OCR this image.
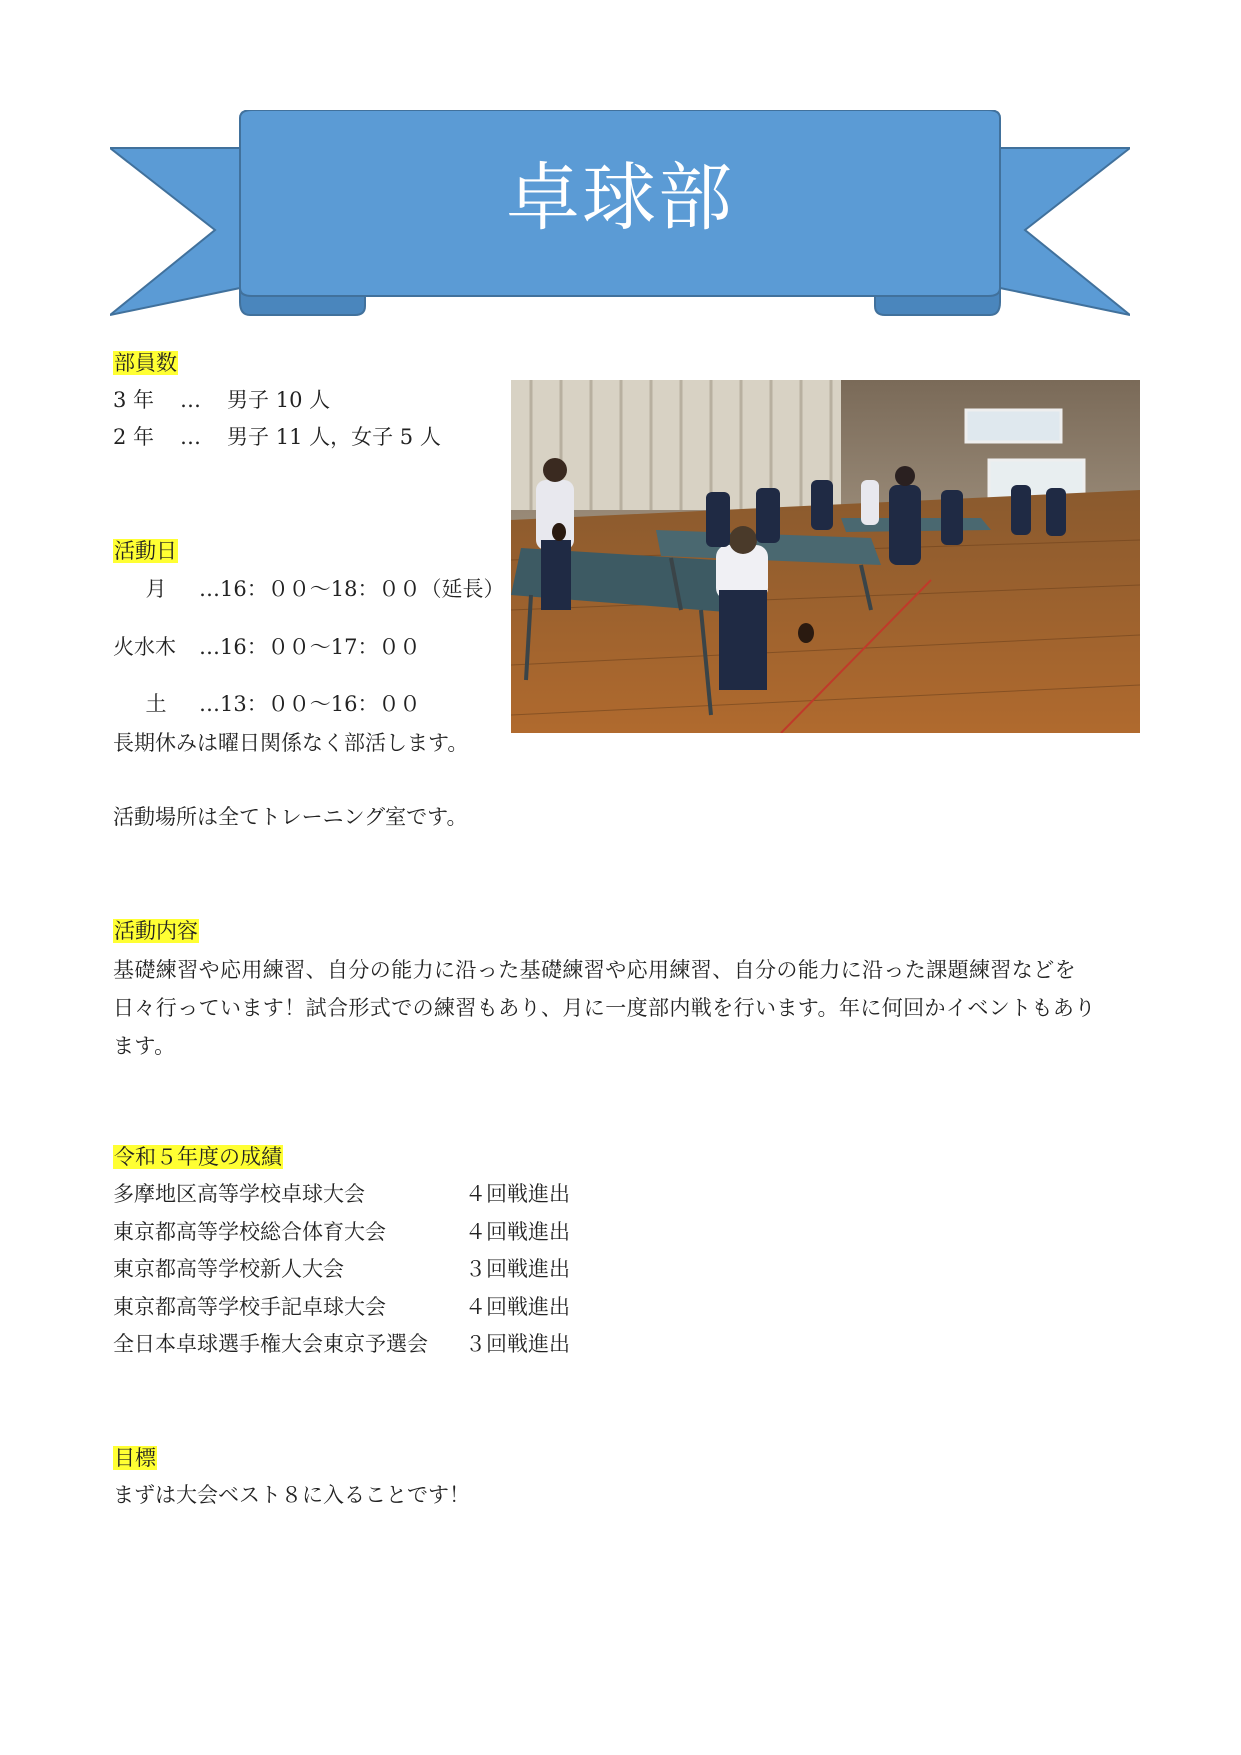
卓球部
部員数
3 年 … 男子 10 人
2 年 … 男子 11 人，女子 5 人
活動日
月 …16：００～18：００（延長）
火水木 …16：００～17：００
土 …13：００～16：００
長期休みは曜日関係なく部活します。
活動場所は全てトレーニング室です。
活動内容
基礎練習や応用練習、自分の能力に沿った基礎練習や応用練習、自分の能力に沿った課題練習などを
日々行っています！試合形式での練習もあり、月に一度部内戦を行います。年に何回かイベントもあり
ます。
令和５年度の成績
多摩地区高等学校卓球大会	４回戦進出
東京都高等学校総合体育大会	４回戦進出
東京都高等学校新人大会	３回戦進出
東京都高等学校手記卓球大会	４回戦進出
全日本卓球選手権大会東京予選会 ３回戦進出
目標
まずは大会ベスト８に入ることです！
